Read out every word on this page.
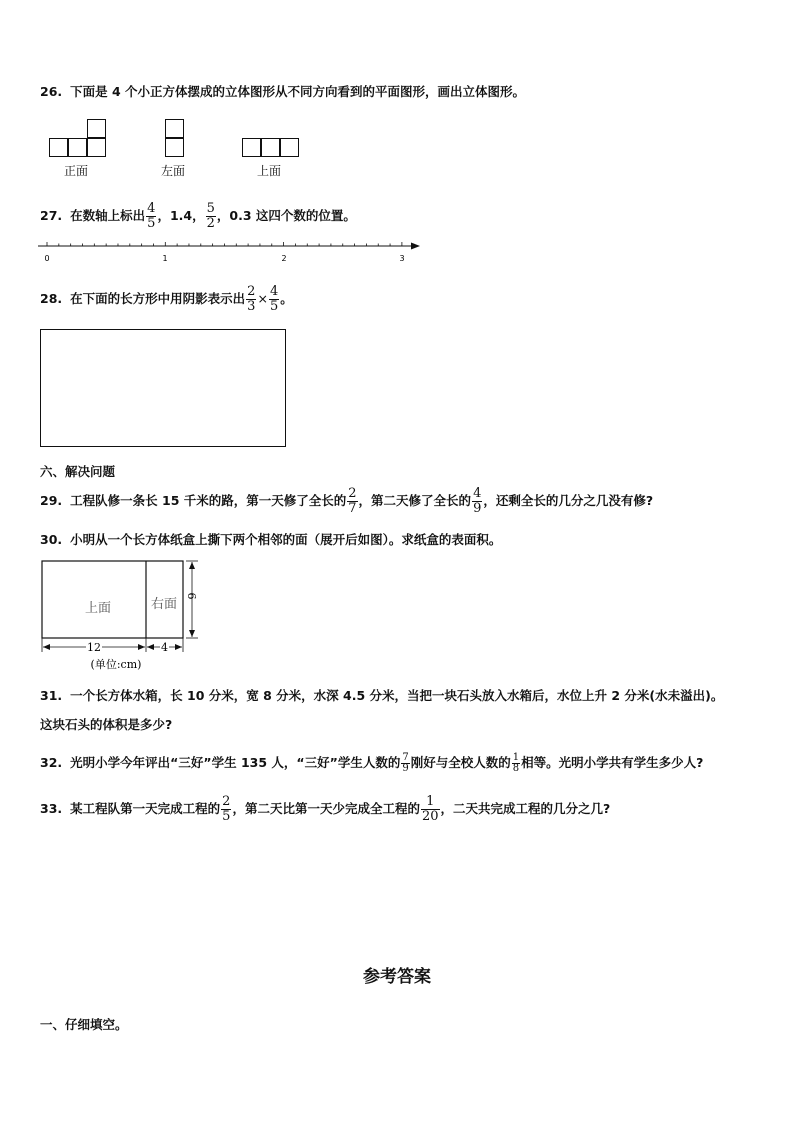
26. 下面是 4 个小正方体摆成的立体图形从不同方向看到的平面图形，画出立体图形。
正面	左面	上面
27. 在数轴上标出 $\frac{4}{5}$ ，1.4， $\frac{5}{2}$ ，0.3 这四个数的位置。
0	1	2	3
28. 在下面的长方形中用阴影表示出 $\frac{2}{3} \times \frac{4}{5}$ 。
六、解决问题
29. 工程队修一条长 15 千米的路，第一天修了全长的 $\frac{2}{7}$ ，第二天修了全长的 $\frac{4}{9}$ ，还剩全长的几分之几没有修?
30. 小明从一个长方体纸盒上撕下两个相邻的面（展开后如图）。求纸盒的表面积。
上面	右面
6
12	4
(单位:cm)
31. 一个长方体水箱，长 10 分米，宽 8 分米，水深 4.5 分米，当把一块石头放入水箱后，水位上升 2 分米(水未溢出)。
这块石头的体积是多少?
32. 光明小学今年评出“三好”学生 135 人，“三好”学生人数的 $\frac{7}{9}$ 刚好与全校人数的 $\frac{1}{8}$ 相等。光明小学共有学生多少人?
33. 某工程队第一天完成工程的 $\frac{2}{5}$ ，第二天比第一天少完成全工程的 $\frac{1}{20}$ ，二天共完成工程的几分之几?
参考答案
一、仔细填空。
